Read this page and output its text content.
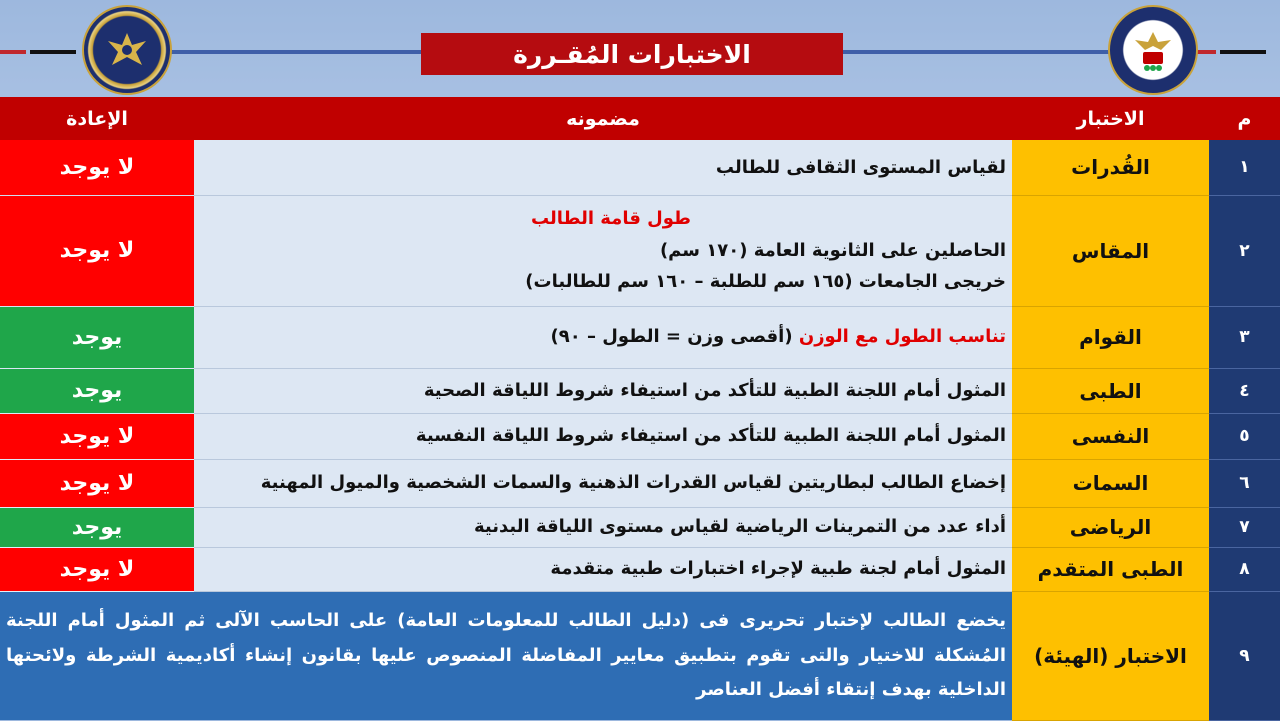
الاختبارات المُقـررة
م	الاختبار	مضمونه	الإعادة
١	القُدرات	لقياس المستوى الثقافى للطالب	لا يوجد
٢	المقاس	طول قامة الطالب
الحاصلين على الثانوية العامة (١٧٠ سم)
خريجى الجامعات (١٦٥ سم للطلبة – ١٦٠ سم للطالبات)	لا يوجد
٣	القوام	تناسب الطول مع الوزن (أقصى وزن = الطول – ٩٠)	يوجد
٤	الطبى	المثول أمام اللجنة الطبية للتأكد من استيفاء شروط اللياقة الصحية	يوجد
٥	النفسى	المثول أمام اللجنة الطبية للتأكد من استيفاء شروط اللياقة النفسية	لا يوجد
٦	السمات	إخضاع الطالب لبطاريتين لقياس القدرات الذهنية والسمات الشخصية والميول المهنية	لا يوجد
٧	الرياضى	أداء عدد من التمرينات الرياضية لقياس مستوى اللياقة البدنية	يوجد
٨	الطبى المتقدم	المثول أمام لجنة طبية لإجراء اختبارات طبية متقدمة	لا يوجد
٩	الاختبار (الهيئة)	يخضع الطالب لإختبار تحريرى فى (دليل الطالب للمعلومات العامة) على الحاسب الآلى ثم المثول أمام اللجنة المُشكلة للاختيار والتى تقوم بتطبيق معايير المفاضلة المنصوص عليها بقانون إنشاء أكاديمية الشرطة ولائحتها الداخلية بهدف إنتقاء أفضل العناصر	
